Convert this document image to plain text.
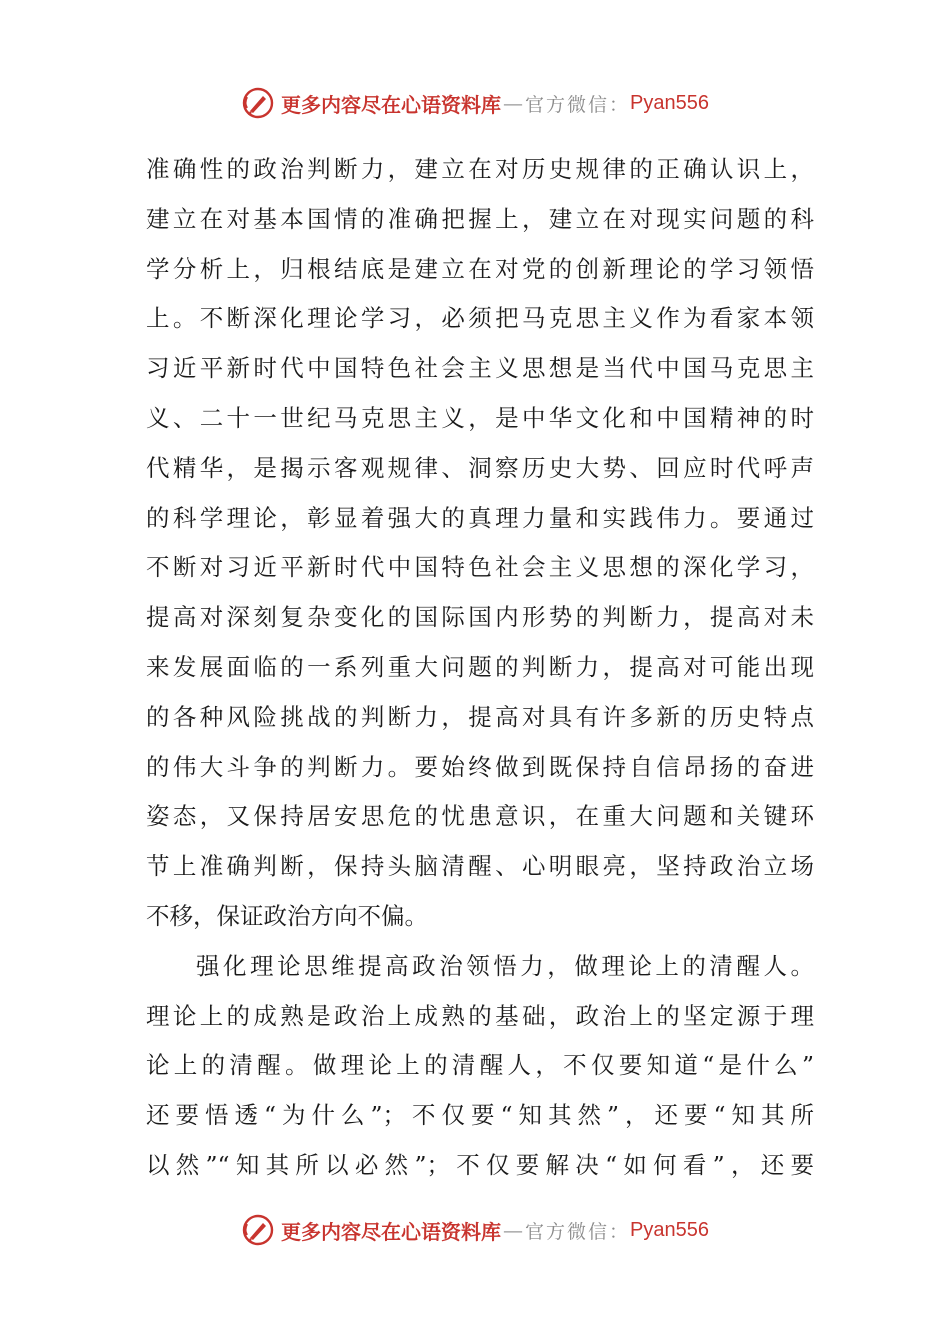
更多内容尽在心语资料库 — 官方微信： Pyan556
准确性的政治判断力，建立在对历史规律的正确认识上，
建立在对基本国情的准确把握上，建立在对现实问题的科
学分析上，归根结底是建立在对党的创新理论的学习领悟
上。不断深化理论学习，必须把马克思主义作为看家本领
习近平新时代中国特色社会主义思想是当代中国马克思主
义、二十一世纪马克思主义，是中华文化和中国精神的时
代精华，是揭示客观规律、洞察历史大势、回应时代呼声
的科学理论，彰显着强大的真理力量和实践伟力。要通过
不断对习近平新时代中国特色社会主义思想的深化学习，
提高对深刻复杂变化的国际国内形势的判断力，提高对未
来发展面临的一系列重大问题的判断力，提高对可能出现
的各种风险挑战的判断力，提高对具有许多新的历史特点
的伟大斗争的判断力。要始终做到既保持自信昂扬的奋进
姿态，又保持居安思危的忧患意识，在重大问题和关键环
节上准确判断，保持头脑清醒、心明眼亮，坚持政治立场
不移，保证政治方向不偏。
强化理论思维提高政治领悟力，做理论上的清醒人。
理论上的成熟是政治上成熟的基础，政治上的坚定源于理
论上的清醒。做理论上的清醒人，不仅要知道“是什么”
还要悟透“为什么”；不仅要“知其然”，还要“知其所
以然”“知其所以必然”；不仅要解决“如何看”，还要
更多内容尽在心语资料库 — 官方微信： Pyan556
